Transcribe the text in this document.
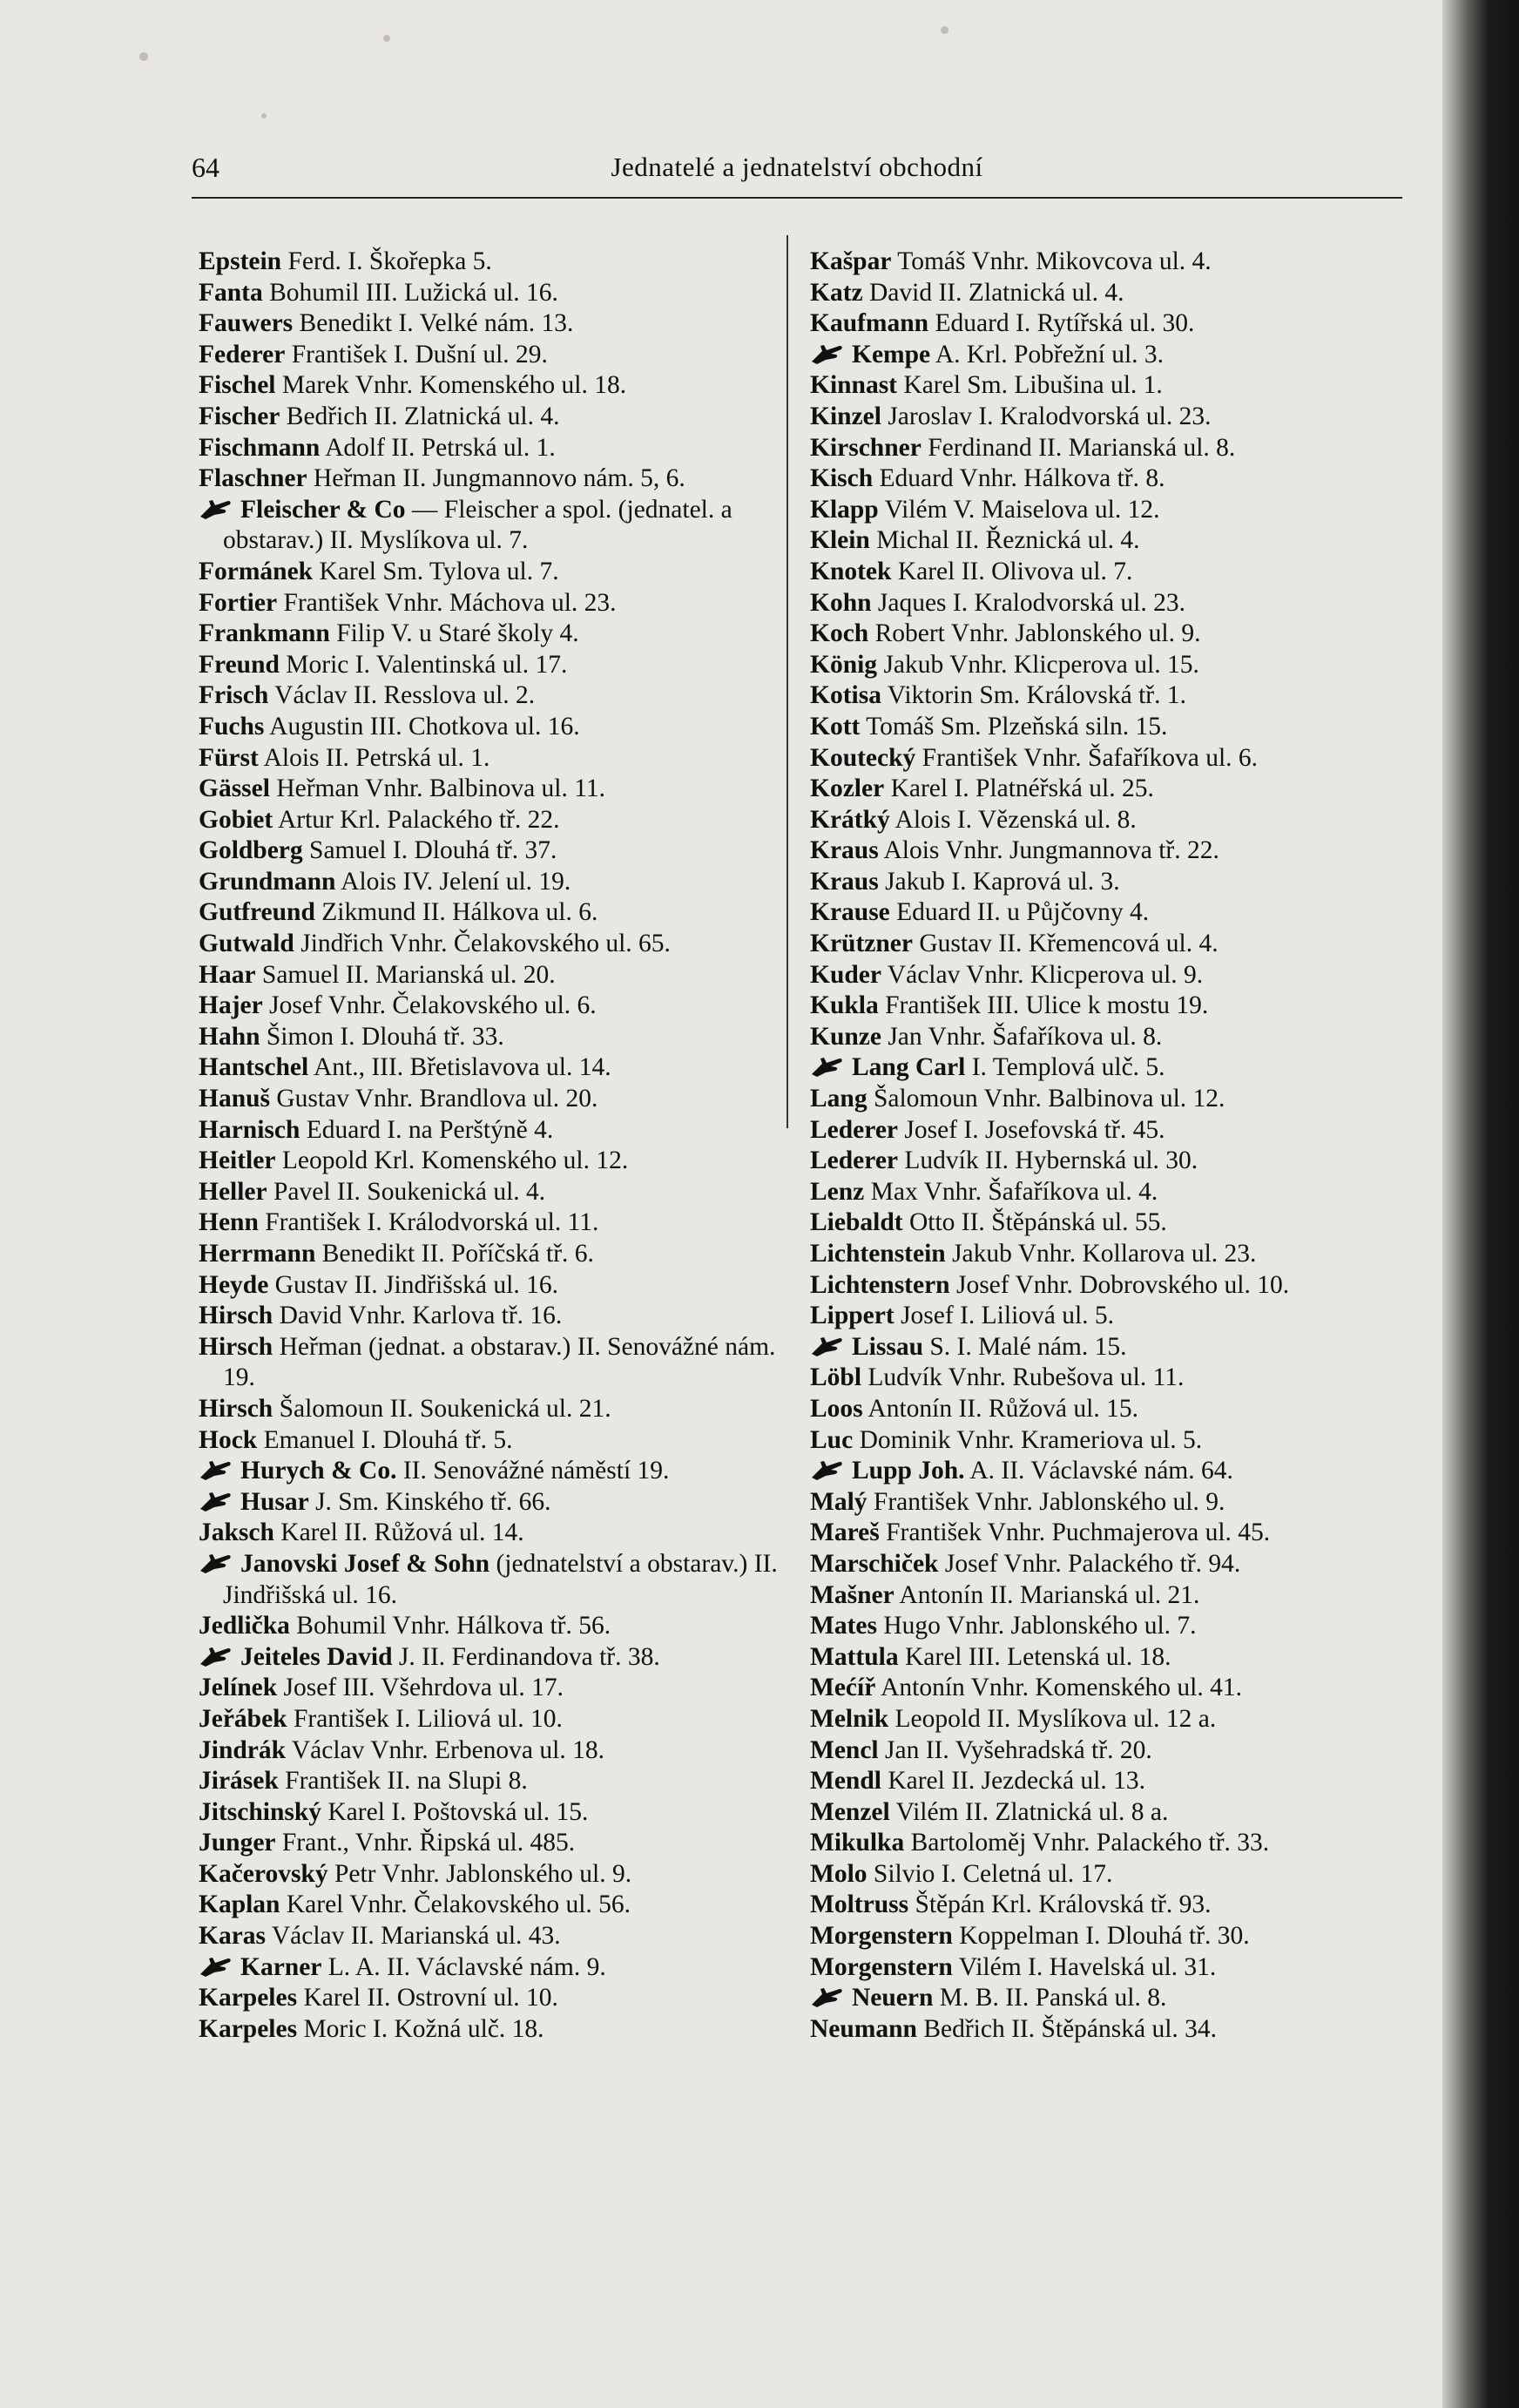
64	Jednatelé a jednatelství obchodní
Epstein Ferd. I. Škořepka 5.
Fanta Bohumil III. Lužická ul. 16.
Fauwers Benedikt I. Velké nám. 13.
Federer František I. Dušní ul. 29.
Fischel Marek Vnhr. Komenského ul. 18.
Fischer Bedřich II. Zlatnická ul. 4.
Fischmann Adolf II. Petrská ul. 1.
Flaschner Heřman II. Jungmannovo nám. 5, 6.
Fleischer & Co — Fleischer a spol. (jednatel. a obstarav.) II. Myslíkova ul. 7.
Formánek Karel Sm. Tylova ul. 7.
Fortier František Vnhr. Máchova ul. 23.
Frankmann Filip V. u Staré školy 4.
Freund Moric I. Valentinská ul. 17.
Frisch Václav II. Resslova ul. 2.
Fuchs Augustin III. Chotkova ul. 16.
Fürst Alois II. Petrská ul. 1.
Gässel Heřman Vnhr. Balbinova ul. 11.
Gobiet Artur Krl. Palackého tř. 22.
Goldberg Samuel I. Dlouhá tř. 37.
Grundmann Alois IV. Jelení ul. 19.
Gutfreund Zikmund II. Hálkova ul. 6.
Gutwald Jindřich Vnhr. Čelakovského ul. 65.
Haar Samuel II. Marianská ul. 20.
Hajer Josef Vnhr. Čelakovského ul. 6.
Hahn Šimon I. Dlouhá tř. 33.
Hantschel Ant., III. Břetislavova ul. 14.
Hanuš Gustav Vnhr. Brandlova ul. 20.
Harnisch Eduard I. na Perštýně 4.
Heitler Leopold Krl. Komenského ul. 12.
Heller Pavel II. Soukenická ul. 4.
Henn František I. Králodvorská ul. 11.
Herrmann Benedikt II. Poříčská tř. 6.
Heyde Gustav II. Jindřišská ul. 16.
Hirsch David Vnhr. Karlova tř. 16.
Hirsch Heřman (jednat. a obstarav.) II. Senovážné nám. 19.
Hirsch Šalomoun II. Soukenická ul. 21.
Hock Emanuel I. Dlouhá tř. 5.
Hurych & Co. II. Senovážné náměstí 19.
Husar J. Sm. Kinského tř. 66.
Jaksch Karel II. Růžová ul. 14.
Janovski Josef & Sohn (jednatelství a obstarav.) II. Jindřišská ul. 16.
Jedlička Bohumil Vnhr. Hálkova tř. 56.
Jeiteles David J. II. Ferdinandova tř. 38.
Jelínek Josef III. Všehrdova ul. 17.
Jeřábek František I. Liliová ul. 10.
Jindrák Václav Vnhr. Erbenova ul. 18.
Jirásek František II. na Slupi 8.
Jitschinský Karel I. Poštovská ul. 15.
Junger Frant., Vnhr. Řipská ul. 485.
Kačerovský Petr Vnhr. Jablonského ul. 9.
Kaplan Karel Vnhr. Čelakovského ul. 56.
Karas Václav II. Marianská ul. 43.
Karner L. A. II. Václavské nám. 9.
Karpeles Karel II. Ostrovní ul. 10.
Karpeles Moric I. Kožná ulč. 18.
Kašpar Tomáš Vnhr. Mikovcova ul. 4.
Katz David II. Zlatnická ul. 4.
Kaufmann Eduard I. Rytířská ul. 30.
Kempe A. Krl. Pobřežní ul. 3.
Kinnast Karel Sm. Libušina ul. 1.
Kinzel Jaroslav I. Kralodvorská ul. 23.
Kirschner Ferdinand II. Marianská ul. 8.
Kisch Eduard Vnhr. Hálkova tř. 8.
Klapp Vilém V. Maiselova ul. 12.
Klein Michal II. Řeznická ul. 4.
Knotek Karel II. Olivova ul. 7.
Kohn Jaques I. Kralodvorská ul. 23.
Koch Robert Vnhr. Jablonského ul. 9.
König Jakub Vnhr. Klicperova ul. 15.
Kotisa Viktorin Sm. Královská tř. 1.
Kott Tomáš Sm. Plzeňská siln. 15.
Koutecký František Vnhr. Šafaříkova ul. 6.
Kozler Karel I. Platnéřská ul. 25.
Krátký Alois I. Vězenská ul. 8.
Kraus Alois Vnhr. Jungmannova tř. 22.
Kraus Jakub I. Kaprová ul. 3.
Krause Eduard II. u Půjčovny 4.
Krützner Gustav II. Křemencová ul. 4.
Kuder Václav Vnhr. Klicperova ul. 9.
Kukla František III. Ulice k mostu 19.
Kunze Jan Vnhr. Šafaříkova ul. 8.
Lang Carl I. Templová ulč. 5.
Lang Šalomoun Vnhr. Balbinova ul. 12.
Lederer Josef I. Josefovská tř. 45.
Lederer Ludvík II. Hybernská ul. 30.
Lenz Max Vnhr. Šafaříkova ul. 4.
Liebaldt Otto II. Štěpánská ul. 55.
Lichtenstein Jakub Vnhr. Kollarova ul. 23.
Lichtenstern Josef Vnhr. Dobrovského ul. 10.
Lippert Josef I. Liliová ul. 5.
Lissau S. I. Malé nám. 15.
Löbl Ludvík Vnhr. Rubešova ul. 11.
Loos Antonín II. Růžová ul. 15.
Luc Dominik Vnhr. Krameriova ul. 5.
Lupp Joh. A. II. Václavské nám. 64.
Malý František Vnhr. Jablonského ul. 9.
Mareš František Vnhr. Puchmajerova ul. 45.
Marschiček Josef Vnhr. Palackého tř. 94.
Mašner Antonín II. Marianská ul. 21.
Mates Hugo Vnhr. Jablonského ul. 7.
Mattula Karel III. Letenská ul. 18.
Mećíř Antonín Vnhr. Komenského ul. 41.
Melnik Leopold II. Myslíkova ul. 12 a.
Mencl Jan II. Vyšehradská tř. 20.
Mendl Karel II. Jezdecká ul. 13.
Menzel Vilém II. Zlatnická ul. 8 a.
Mikulka Bartoloměj Vnhr. Palackého tř. 33.
Molo Silvio I. Celetná ul. 17.
Moltruss Štěpán Krl. Královská tř. 93.
Morgenstern Koppelman I. Dlouhá tř. 30.
Morgenstern Vilém I. Havelská ul. 31.
Neuern M. B. II. Panská ul. 8.
Neumann Bedřich II. Štěpánská ul. 34.
